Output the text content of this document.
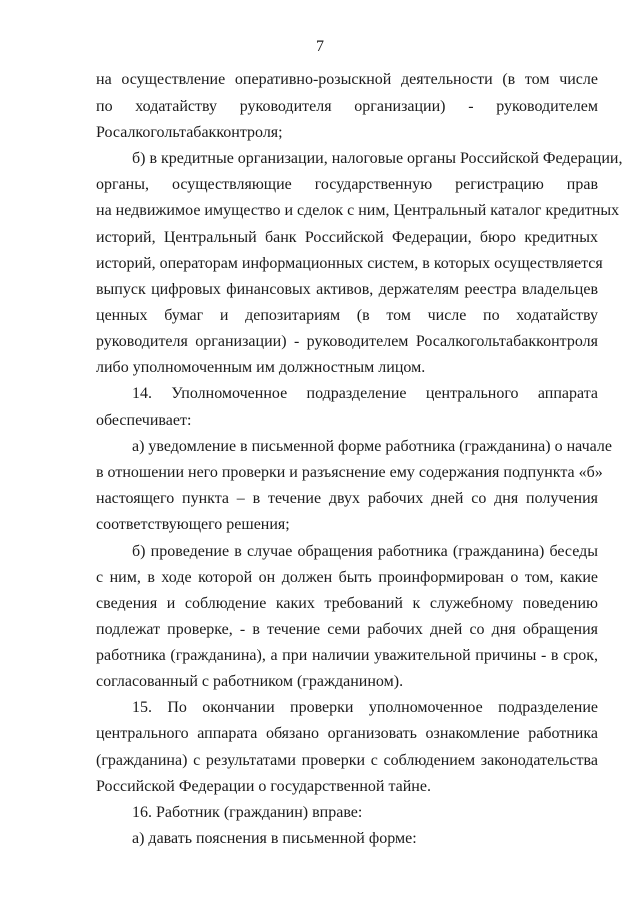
7
на осуществление оперативно-розыскной деятельности (в том числе
по ходатайству руководителя организации) - руководителем
Росалкогольтабакконтроля;
б) в кредитные организации, налоговые органы Российской Федерации,
органы, осуществляющие государственную регистрацию прав
на недвижимое имущество и сделок с ним, Центральный каталог кредитных
историй, Центральный банк Российской Федерации, бюро кредитных
историй, операторам информационных систем, в которых осуществляется
выпуск цифровых финансовых активов, держателям реестра владельцев
ценных бумаг и депозитариям (в том числе по ходатайству
руководителя организации) - руководителем Росалкогольтабакконтроля
либо уполномоченным им должностным лицом.
14. Уполномоченное подразделение центрального аппарата
обеспечивает:
а) уведомление в письменной форме работника (гражданина) о начале
в отношении него проверки и разъяснение ему содержания подпункта «б»
настоящего пункта – в течение двух рабочих дней со дня получения
соответствующего решения;
б) проведение в случае обращения работника (гражданина) беседы
с ним, в ходе которой он должен быть проинформирован о том, какие
сведения и соблюдение каких требований к служебному поведению
подлежат проверке, - в течение семи рабочих дней со дня обращения
работника (гражданина), а при наличии уважительной причины - в срок,
согласованный с работником (гражданином).
15. По окончании проверки уполномоченное подразделение
центрального аппарата обязано организовать ознакомление работника
(гражданина) с результатами проверки с соблюдением законодательства
Российской Федерации о государственной тайне.
16. Работник (гражданин) вправе:
а) давать пояснения в письменной форме:
